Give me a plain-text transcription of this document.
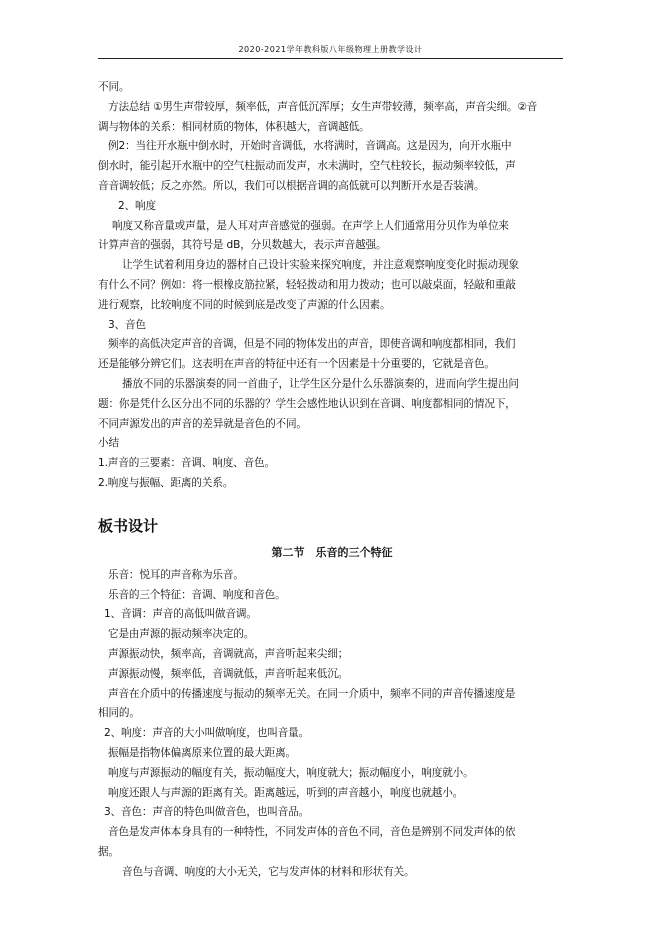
2020-2021学年教科版八年级物理上册教学设计
不同。
方法总结 ①男生声带较厚，频率低，声音低沉浑厚；女生声带较薄，频率高，声音尖细。②音
调与物体的关系：相同材质的物体，体积越大，音调越低。
例2：当往开水瓶中倒水时，开始时音调低，水将满时，音调高。这是因为，向开水瓶中
倒水时，能引起开水瓶中的空气柱振动而发声，水未满时，空气柱较长，振动频率较低，声
音音调较低；反之亦然。所以，我们可以根据音调的高低就可以判断开水是否装满。
2、响度
响度又称音量或声量，是人耳对声音感觉的强弱。在声学上人们通常用分贝作为单位来
计算声音的强弱，其符号是 dB，分贝数越大，表示声音越强。
让学生试着利用身边的器材自己设计实验来探究响度，并注意观察响度变化时振动现象
有什么不同？例如：将一根橡皮筋拉紧，轻轻拨动和用力拨动；也可以敲桌面，轻敲和重敲
进行观察，比较响度不同的时候到底是改变了声源的什么因素。
3、音色
频率的高低决定声音的音调，但是不同的物体发出的声音，即使音调和响度都相同，我们
还是能够分辨它们。这表明在声音的特征中还有一个因素是十分重要的，它就是音色。
播放不同的乐器演奏的同一首曲子，让学生区分是什么乐器演奏的，进而向学生提出问
题：你是凭什么区分出不同的乐器的？学生会感性地认识到在音调、响度都相同的情况下，
不同声源发出的声音的差异就是音色的不同。
小结
1.声音的三要素：音调、响度、音色。
2.响度与振幅、距离的关系。
板书设计
第二节　乐音的三个特征
乐音：悦耳的声音称为乐音。
乐音的三个特征：音调、响度和音色。
1、音调：声音的高低叫做音调。
它是由声源的振动频率决定的。
声源振动快，频率高，音调就高，声音听起来尖细；
声源振动慢，频率低，音调就低，声音听起来低沉。
声音在介质中的传播速度与振动的频率无关。在同一介质中，频率不同的声音传播速度是
相同的。
2、响度：声音的大小叫做响度，也叫音量。
振幅是指物体偏离原来位置的最大距离。
响度与声源振动的幅度有关，振动幅度大，响度就大；振动幅度小，响度就小。
响度还跟人与声源的距离有关。距离越远，听到的声音越小，响度也就越小。
3、音色：声音的特色叫做音色，也叫音品。
音色是发声体本身具有的一种特性，不同发声体的音色不同，音色是辨别不同发声体的依
据。
音色与音调、响度的大小无关，它与发声体的材料和形状有关。
